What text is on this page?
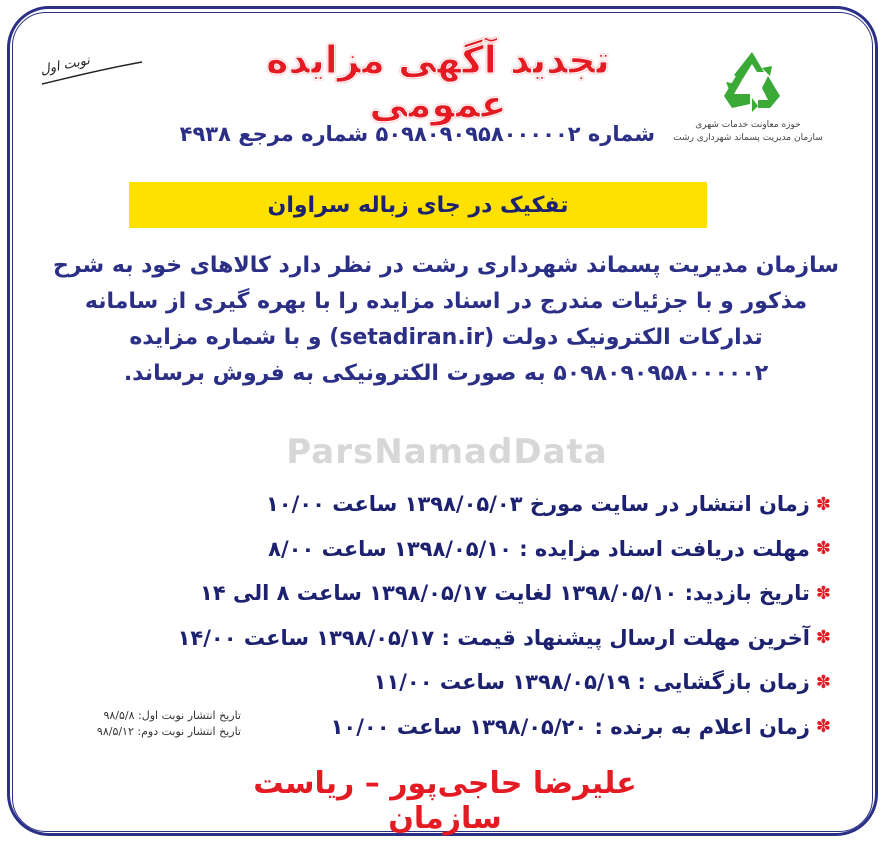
ParsNamadData
حوزه معاونت خدمات شهری
سازمان مدیریت پسماند شهرداری رشت
تجدید آگهی مزایده عمومی
نوبت اول
شماره ۵۰۹۸۰۹۰۹۵۸۰۰۰۰۰۲ شماره مرجع ۴۹۳۸
تفکیک در جای زباله سراوان
سازمان مدیریت پسماند شهرداری رشت در نظر دارد کالاهای خود به شرح مذکور و با جزئیات مندرج در اسناد مزایده را با بهره گیری از سامانه تدارکات الکترونیک دولت (setadiran.ir) و با شماره مزایده ۵۰۹۸۰۹۰۹۵۸۰۰۰۰۰۲ به صورت الکترونیکی به فروش برساند.
✽
زمان انتشار در سایت مورخ ۱۳۹۸/۰۵/۰۳ ساعت ۱۰/۰۰
✽
مهلت دریافت اسناد مزایده : ۱۳۹۸/۰۵/۱۰ ساعت ۸/۰۰
✽
تاریخ بازدید: ۱۳۹۸/۰۵/۱۰ لغایت ۱۳۹۸/۰۵/۱۷ ساعت ۸ الی ۱۴
✽
آخرین مهلت ارسال پیشنهاد قیمت : ۱۳۹۸/۰۵/۱۷ ساعت ۱۴/۰۰
✽
زمان بازگشایی : ۱۳۹۸/۰۵/۱۹ ساعت ۱۱/۰۰
✽
زمان اعلام به برنده : ۱۳۹۸/۰۵/۲۰ ساعت ۱۰/۰۰
تاریخ انتشار نوبت اول: ۹۸/۵/۸
تاریخ انتشار نوبت دوم: ۹۸/۵/۱۲
علیرضا حاجی‌پور – ریاست سازمان
